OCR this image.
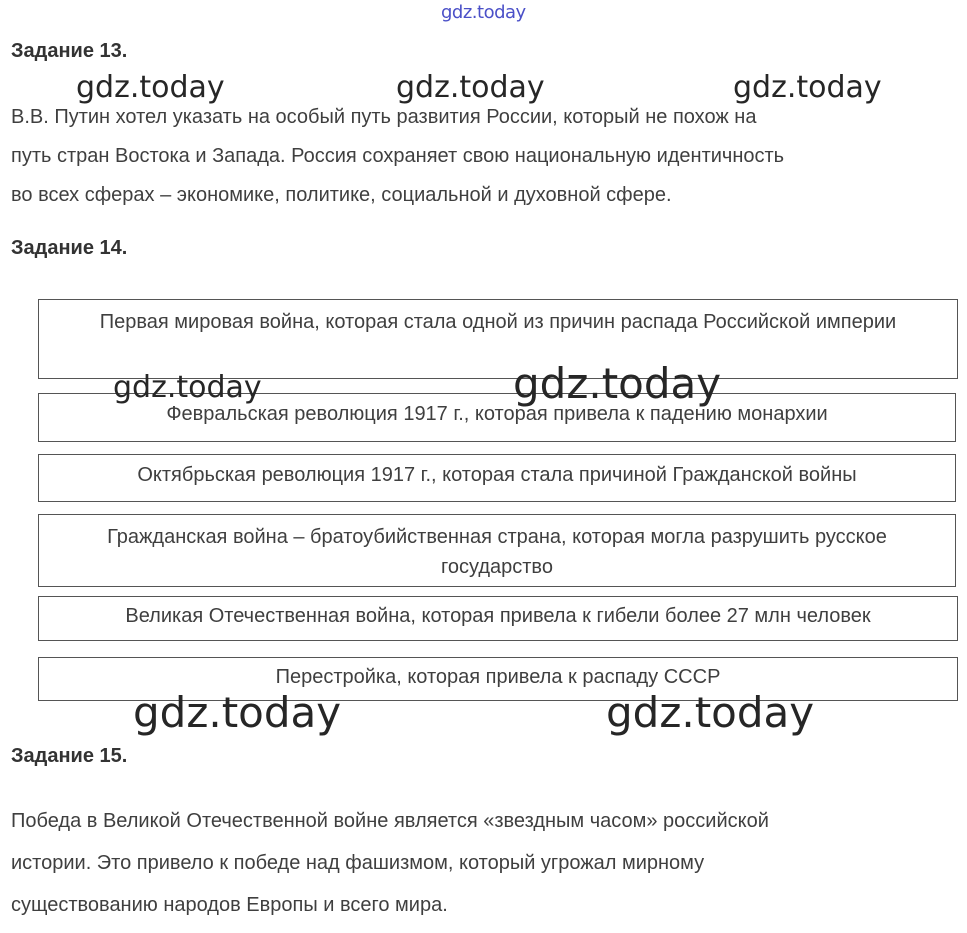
gdz.today
Задание 13.
В.В. Путин хотел указать на особый путь развития России, который не похож на
путь стран Востока и Запада. Россия сохраняет свою национальную идентичность
во всех сферах – экономике, политике, социальной и духовной сфере.
Задание 14.
Первая мировая война, которая стала одной из причин распада Российской империи
Февральская революция 1917 г., которая привела к падению монархии
Октябрьская революция 1917 г., которая стала причиной Гражданской войны
Гражданская война – братоубийственная страна, которая могла разрушить русское государство
Великая Отечественная война, которая привела к гибели более 27 млн человек
Перестройка, которая привела к распаду СССР
Задание 15.
Победа в Великой Отечественной войне является «звездным часом» российской
истории. Это привело к победе над фашизмом, который угрожал мирному
существованию народов Европы и всего мира.
gdz.today	gdz.today	gdz.today
gdz.today	gdz.today
gdz.today	gdz.today
